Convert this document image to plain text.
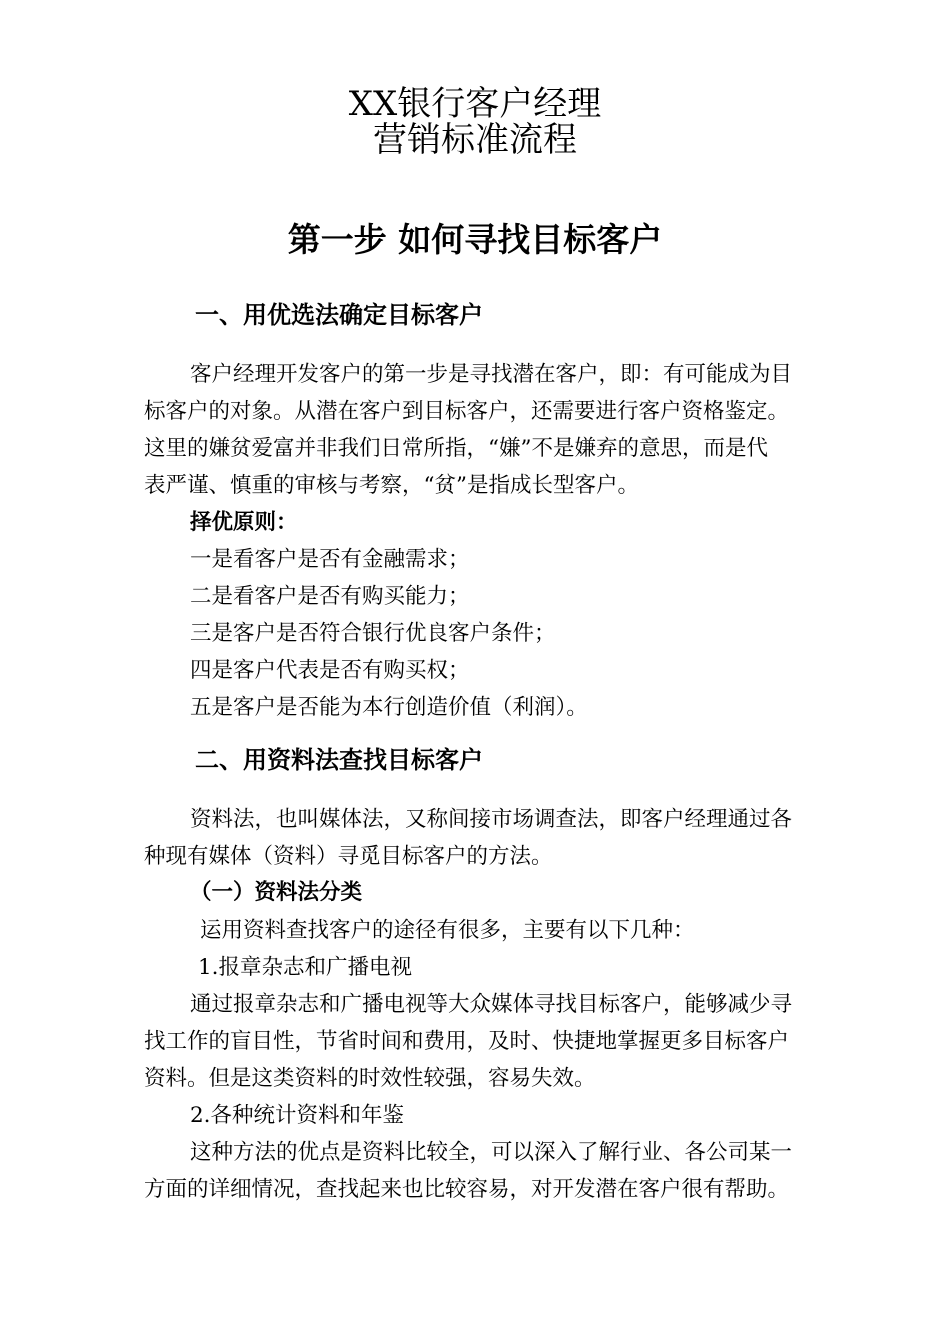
XX银行客户经理
营销标准流程
第一步 如何寻找目标客户
一、用优选法确定目标客户
客户经理开发客户的第一步是寻找潜在客户，即：有可能成为目
标客户的对象。从潜在客户到目标客户，还需要进行客户资格鉴定。
这里的嫌贫爱富并非我们日常所指，“嫌”不是嫌弃的意思，而是代
表严谨、慎重的审核与考察，“贫”是指成长型客户。
择优原则：
一是看客户是否有金融需求；
二是看客户是否有购买能力；
三是客户是否符合银行优良客户条件；
四是客户代表是否有购买权；
五是客户是否能为本行创造价值（利润）。
二、用资料法查找目标客户
资料法，也叫媒体法，又称间接市场调查法，即客户经理通过各
种现有媒体（资料）寻觅目标客户的方法。
（一）资料法分类
运用资料查找客户的途径有很多，主要有以下几种：
1.报章杂志和广播电视
通过报章杂志和广播电视等大众媒体寻找目标客户，能够减少寻
找工作的盲目性，节省时间和费用，及时、快捷地掌握更多目标客户
资料。但是这类资料的时效性较强，容易失效。
2.各种统计资料和年鉴
这种方法的优点是资料比较全，可以深入了解行业、各公司某一
方面的详细情况，查找起来也比较容易，对开发潜在客户很有帮助。
